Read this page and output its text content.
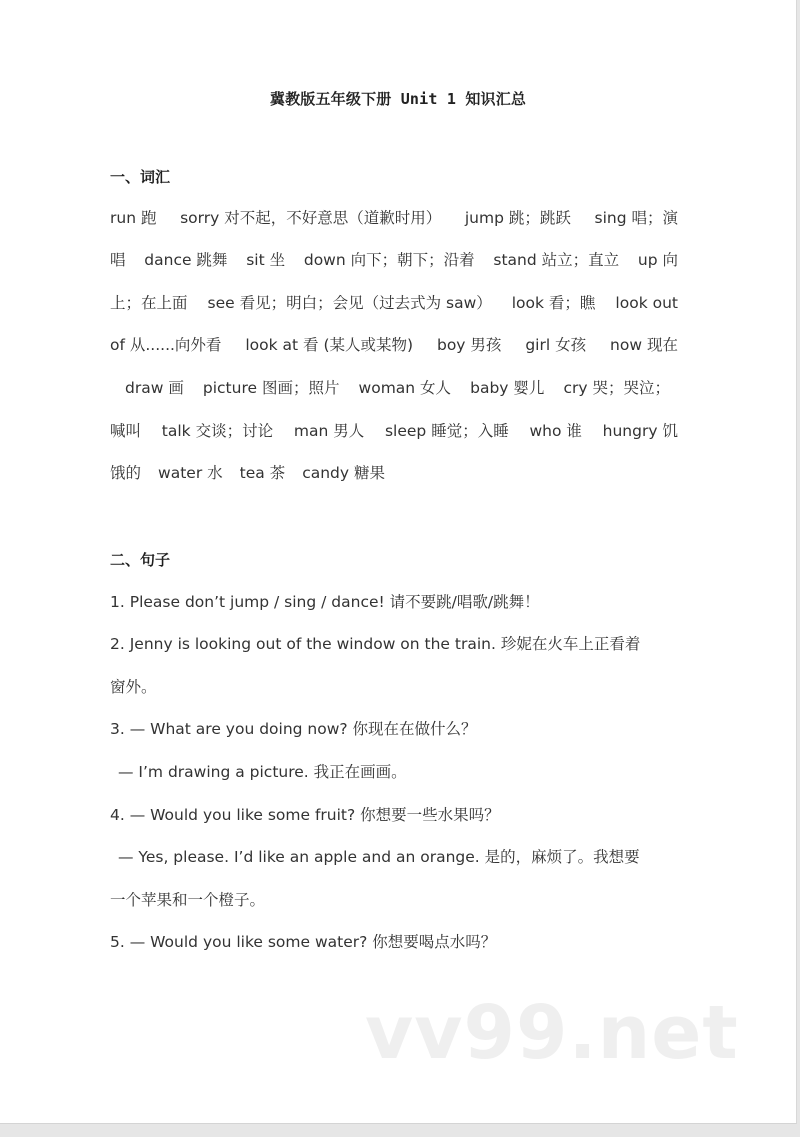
冀教版五年级下册 Unit 1 知识汇总
一、词汇
run 跑 sorry 对不起，不好意思（道歉时用） jump 跳；跳跃 sing 唱；演
唱 dance 跳舞 sit 坐 down 向下；朝下；沿着 stand 站立；直立 up 向
上；在上面 see 看见；明白；会见（过去式为 saw） look 看；瞧 look out
of 从......向外看 look at 看 (某人或某物) boy 男孩 girl 女孩 now 现在
draw 画 picture 图画；照片 woman 女人 baby 婴儿 cry 哭；哭泣；
喊叫 talk 交谈；讨论 man 男人 sleep 睡觉；入睡 who 谁 hungry 饥
饿的 water 水 tea 茶 candy 糖果
二、句子
1. Please don’t jump / sing / dance! 请不要跳/唱歌/跳舞！
2. Jenny is looking out of the window on the train. 珍妮在火车上正看着
窗外。
3. — What are you doing now? 你现在在做什么？
— I’m drawing a picture. 我正在画画。
4. — Would you like some fruit? 你想要一些水果吗？
— Yes, please. I’d like an apple and an orange. 是的，麻烦了。我想要
一个苹果和一个橙子。
5. — Would you like some water? 你想要喝点水吗？
vv99.net
